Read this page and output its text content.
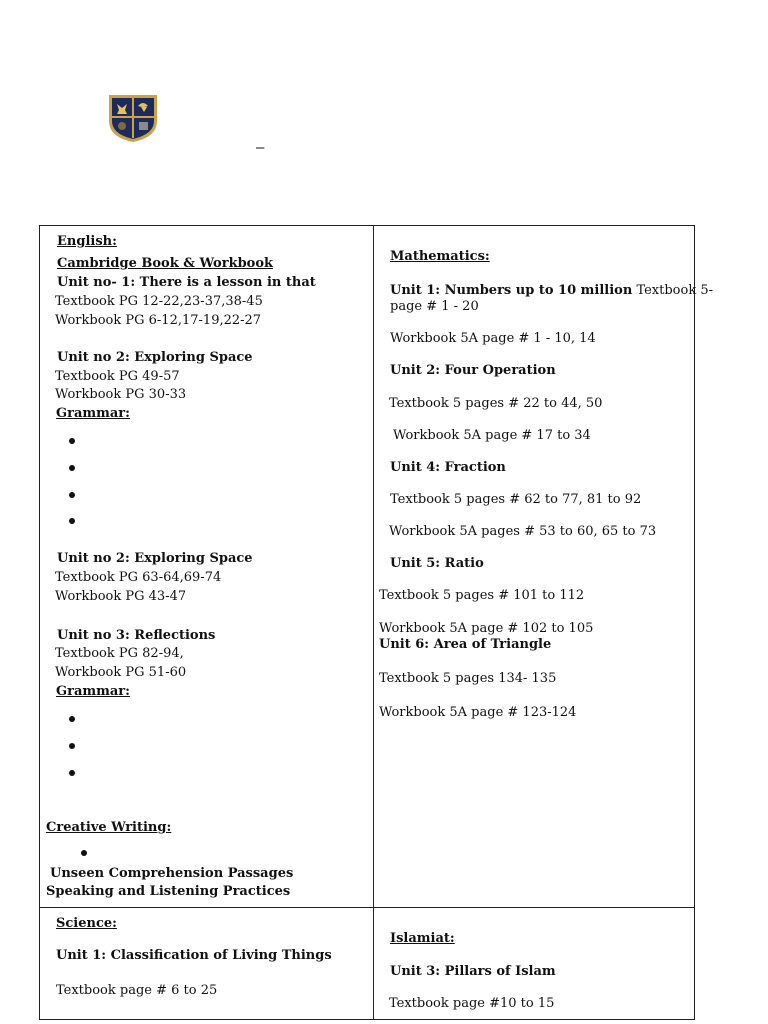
–
English:
Cambridge Book & Workbook
Unit no- 1: There is a lesson in that
Textbook PG 12-22,23-37,38-45
Workbook PG 6-12,17-19,22-27
Unit no 2: Exploring Space
Textbook PG 49-57
Workbook PG 30-33
Grammar:
Unit no 2: Exploring Space
Textbook PG 63-64,69-74
Workbook PG 43-47
Unit no 3: Reflections
Textbook PG 82-94,
Workbook PG 51-60
Grammar:
Creative Writing:
Unseen Comprehension Passages
Speaking and Listening Practices
Mathematics:
Unit 1: Numbers up to 10 million Textbook 5-
page # 1 - 20
Workbook 5A page # 1 - 10, 14
Unit 2: Four Operation
Textbook 5 pages # 22 to 44, 50
Workbook 5A page # 17 to 34
Unit 4: Fraction
Textbook 5 pages # 62 to 77, 81 to 92
Workbook 5A pages # 53 to 60, 65 to 73
Unit 5: Ratio
Textbook 5 pages # 101 to 112
Workbook 5A page # 102 to 105
Unit 6: Area of Triangle
Textbook 5 pages 134- 135
Workbook 5A page # 123-124
Science:
Unit 1: Classification of Living Things
Textbook page # 6 to 25
Islamiat:
Unit 3: Pillars of Islam
Textbook page #10 to 15
